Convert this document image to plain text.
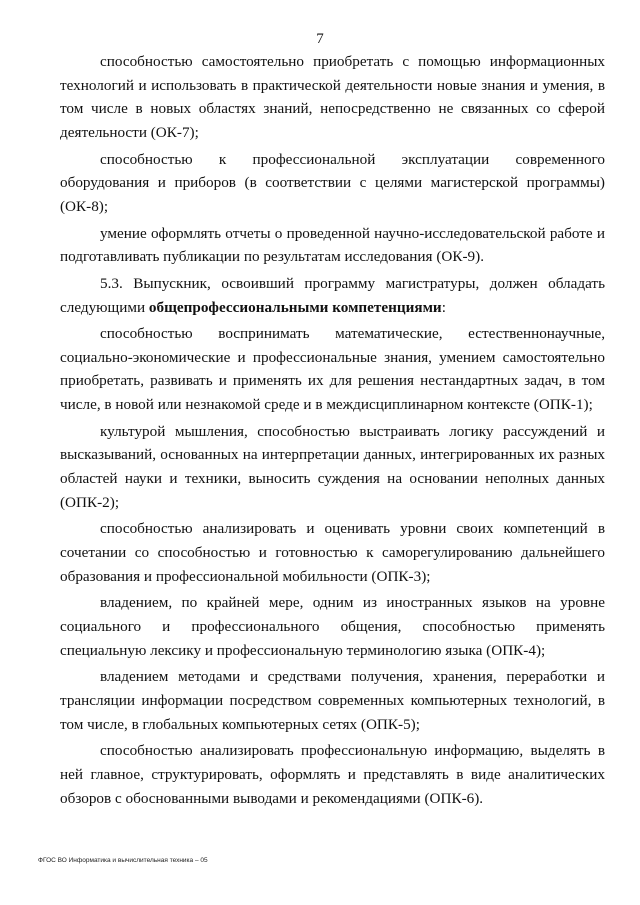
7

способностью самостоятельно приобретать с помощью информационных технологий и использовать в практической деятельности новые знания и умения, в том числе в новых областях знаний, непосредственно не связанных со сферой деятельности (ОК-7);

способностью к профессиональной эксплуатации современного оборудования и приборов (в соответствии с целями магистерской программы) (ОК-8);

умение оформлять отчеты о проведенной научно-исследовательской работе и подготавливать публикации по результатам исследования (ОК-9).

5.3. Выпускник, освоивший программу магистратуры, должен обладать следующими общепрофессиональными компетенциями:

способностью воспринимать математические, естественнонаучные, социально-экономические и профессиональные знания, умением самостоятельно приобретать, развивать и применять их для решения нестандартных задач, в том числе, в новой или незнакомой среде и в междисциплинарном контексте (ОПК-1);

культурой мышления, способностью выстраивать логику рассуждений и высказываний, основанных на интерпретации данных, интегрированных их разных областей науки и техники, выносить суждения на основании неполных данных (ОПК-2);

способностью анализировать и оценивать уровни своих компетенций в сочетании со способностью и готовностью к саморегулированию дальнейшего образования и профессиональной мобильности (ОПК-3);

владением, по крайней мере, одним из иностранных языков на уровне социального и профессионального общения, способностью применять специальную лексику и профессиональную терминологию языка (ОПК-4);

владением методами и средствами получения, хранения, переработки и трансляции информации посредством современных компьютерных технологий, в том числе, в глобальных компьютерных сетях (ОПК-5);

способностью анализировать профессиональную информацию, выделять в ней главное, структурировать, оформлять и представлять в виде аналитических обзоров с обоснованными выводами и рекомендациями (ОПК-6).

ФГОС ВО Информатика и вычислительная техника – 05
